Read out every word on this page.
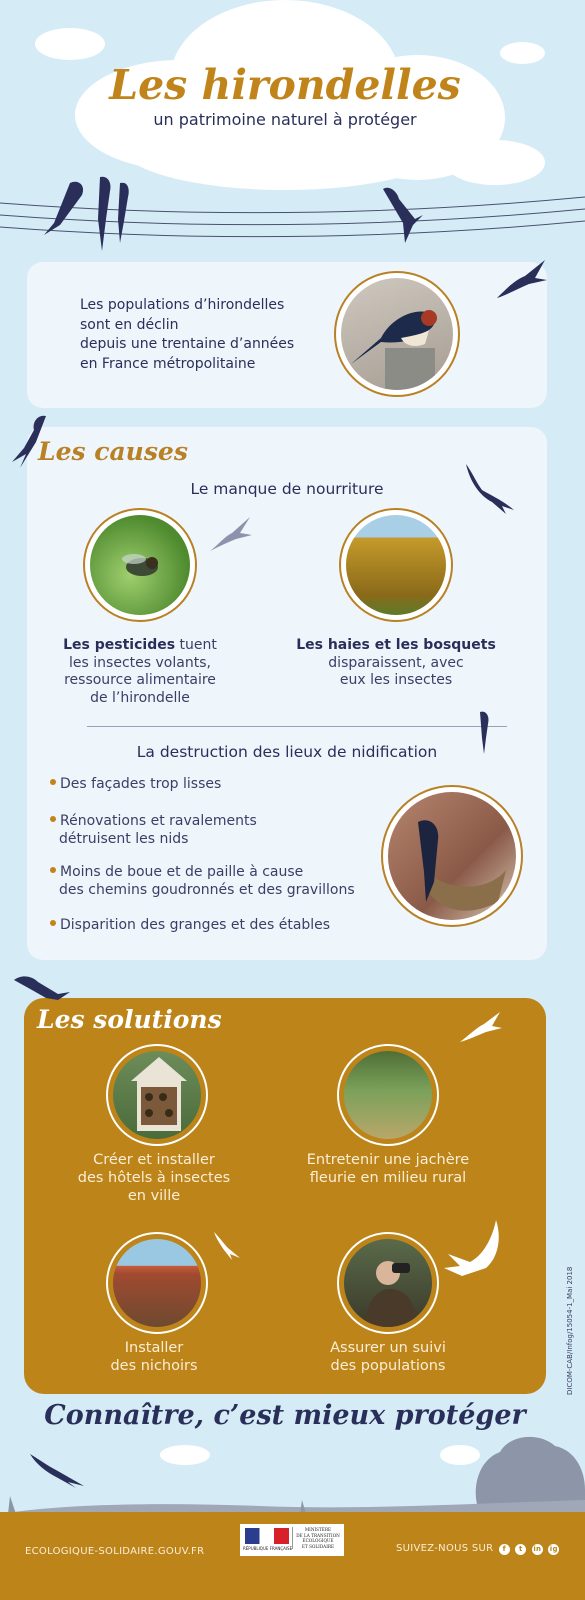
Les hirondelles
un patrimoine naturel à protéger
Les populations d’hirondelles
sont en déclin
depuis une trentaine d’années
en France métropolitaine
Le manque de nourriture
Les pesticides tuent
les insectes volants,
ressource alimentaire
de l’hirondelle
Les haies et les bosquets
disparaissent, avec
eux les insectes
La destruction des lieux de nidification
Des façades trop lisses
Rénovations et ravalements
détruisent les nids
Moins de boue et de paille à cause
des chemins goudronnés et des gravillons
Disparition des granges et des étables
Les causes
Créer et installer
des hôtels à insectes
en ville
Entretenir une jachère
fleurie en milieu rural
Installer
des nichoirs
Assurer un suivi
des populations
Les solutions
Connaître, c’est mieux protéger
ECOLOGIQUE-SOLIDAIRE.GOUV.FR	RÉPUBLIQUE FRANÇAISE
MINISTÈRE
DE LA TRANSITION
ÉCOLOGIQUE
ET SOLIDAIRE	SUIVEZ-NOUS SUR f t in ig
DICOM-CAB/Infog/15054-1_Mai 2018
